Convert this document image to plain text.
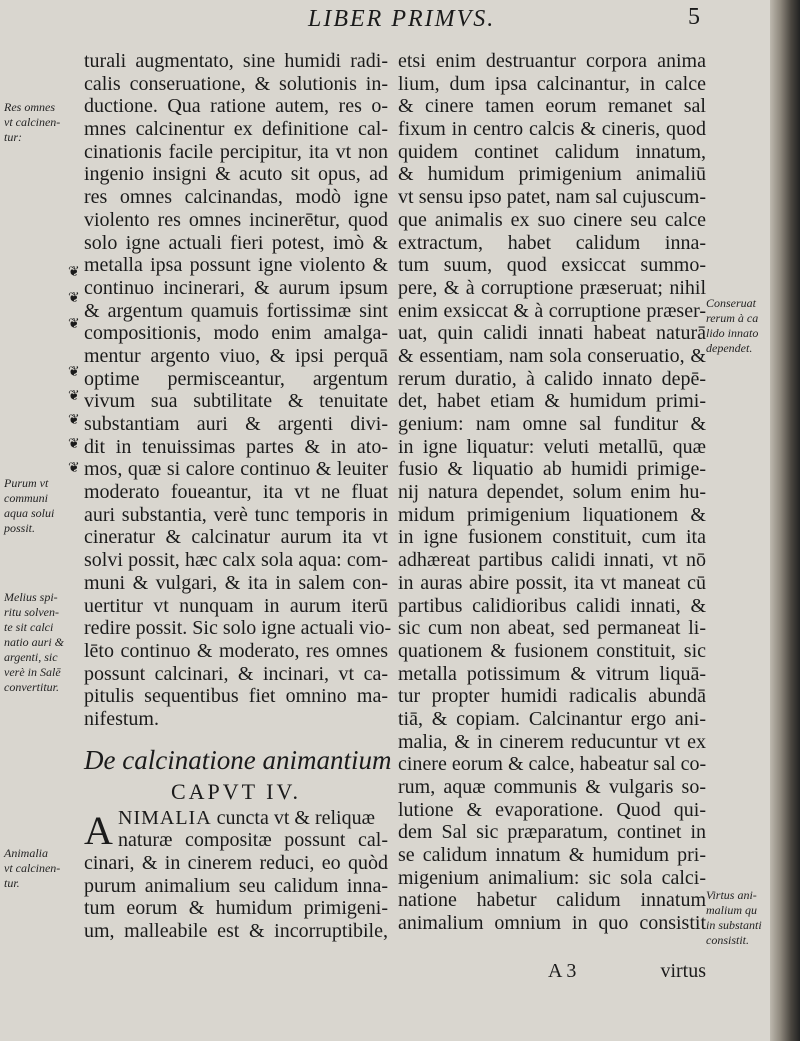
LIBER PRIMVS.	5
turali augmentato, sine humidi radi-
calis conseruatione, & solutionis in-
ductione. Qua ratione autem, res o-
mnes calcinentur ex definitione cal-
cinationis facile percipitur, ita vt non
ingenio insigni & acuto sit opus, ad
res omnes calcinandas, modò igne
violento res omnes incinerētur, quod
solo igne actuali fieri potest, imò &
metalla ipsa possunt igne violento &
continuo incinerari, & aurum ipsum
& argentum quamuis fortissimæ sint
compositionis, modo enim amalga-
mentur argento viuo, & ipsi perquā
optime permisceantur, argentum
vivum sua subtilitate & tenuitate
substantiam auri & argenti divi-
dit in tenuissimas partes & in ato-
mos, quæ si calore continuo & leuiter
moderato foueantur, ita vt ne fluat
auri substantia, verè tunc temporis in
cineratur & calcinatur aurum ita vt
solvi possit, hæc calx sola aqua: com-
muni & vulgari, & ita in salem con-
uertitur vt nunquam in aurum iterū
redire possit. Sic solo igne actuali vio-
lēto continuo & moderato, res omnes
possunt calcinari, & incinari, vt ca-
pitulis sequentibus fiet omnino ma-
nifestum.
De calcinatione animantium
CAPVT IV.
A NIMALIA cuncta vt & reliquæ
naturæ compositæ possunt cal-
cinari, & in cinerem reduci, eo quòd
purum animalium seu calidum inna-
tum eorum & humidum primigeni-
um, malleabile est & incorruptibile,
etsi enim destruantur corpora anima
lium, dum ipsa calcinantur, in calce
& cinere tamen eorum remanet sal
fixum in centro calcis & cineris, quod
quidem continet calidum innatum,
& humidum primigenium animaliū
vt sensu ipso patet, nam sal cujuscum-
que animalis ex suo cinere seu calce
extractum, habet calidum inna-
tum suum, quod exsiccat summo-
pere, & à corruptione præseruat; nihil
enim exsiccat & à corruptione præser-
uat, quin calidi innati habeat naturā
& essentiam, nam sola conseruatio, &
rerum duratio, à calido innato depē-
det, habet etiam & humidum primi-
genium: nam omne sal funditur &
in igne liquatur: veluti metallū, quæ
fusio & liquatio ab humidi primige-
nij natura dependet, solum enim hu-
midum primigenium liquationem &
in igne fusionem constituit, cum ita
adhæreat partibus calidi innati, vt nō
in auras abire possit, ita vt maneat cū
partibus calidioribus calidi innati, &
sic cum non abeat, sed permaneat li-
quationem & fusionem constituit, sic
metalla potissimum & vitrum liquā-
tur propter humidi radicalis abundā
tiā, & copiam. Calcinantur ergo ani-
malia, & in cinerem reducuntur vt ex
cinere eorum & calce, habeatur sal co-
rum, aquæ communis & vulgaris so-
lutione & evaporatione. Quod qui-
dem Sal sic præparatum, continet in
se calidum innatum & humidum pri-
migenium animalium: sic sola calci-
natione habetur calidum innatum
animalium omnium in quo consistit
A 3	virtus
Res omnes
vt calcinen-
tur:
Purum vt
communi
aqua solui
possit.
Melius spi-
ritu solven-
te sit calci
natio auri &
argenti, sic
verè in Salē
convertitur.
Animalia
vt calcinen-
tur.
Conseruat
rerum à ca
lido innato
dependet.
Virtus ani-
malium qu
in substanti
consistit.
❦
❦
❦
❦
❦
❦
❦
❦
